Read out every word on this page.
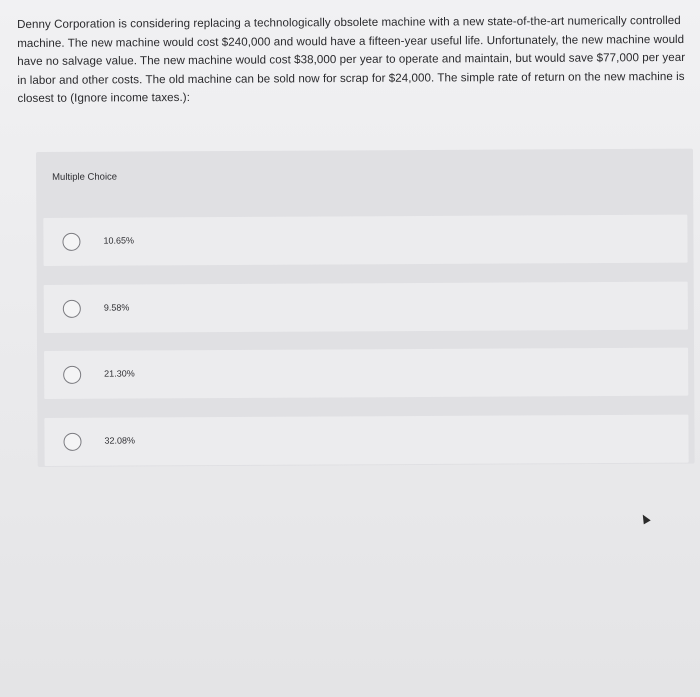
Denny Corporation is considering replacing a technologically obsolete machine with a new state-of-the-art numerically controlled machine. The new machine would cost $240,000 and would have a fifteen-year useful life. Unfortunately, the new machine would have no salvage value. The new machine would cost $38,000 per year to operate and maintain, but would save $77,000 per year in labor and other costs. The old machine can be sold now for scrap for $24,000. The simple rate of return on the new machine is closest to (Ignore income taxes.):
Multiple Choice
10.65%
9.58%
21.30%
32.08%
